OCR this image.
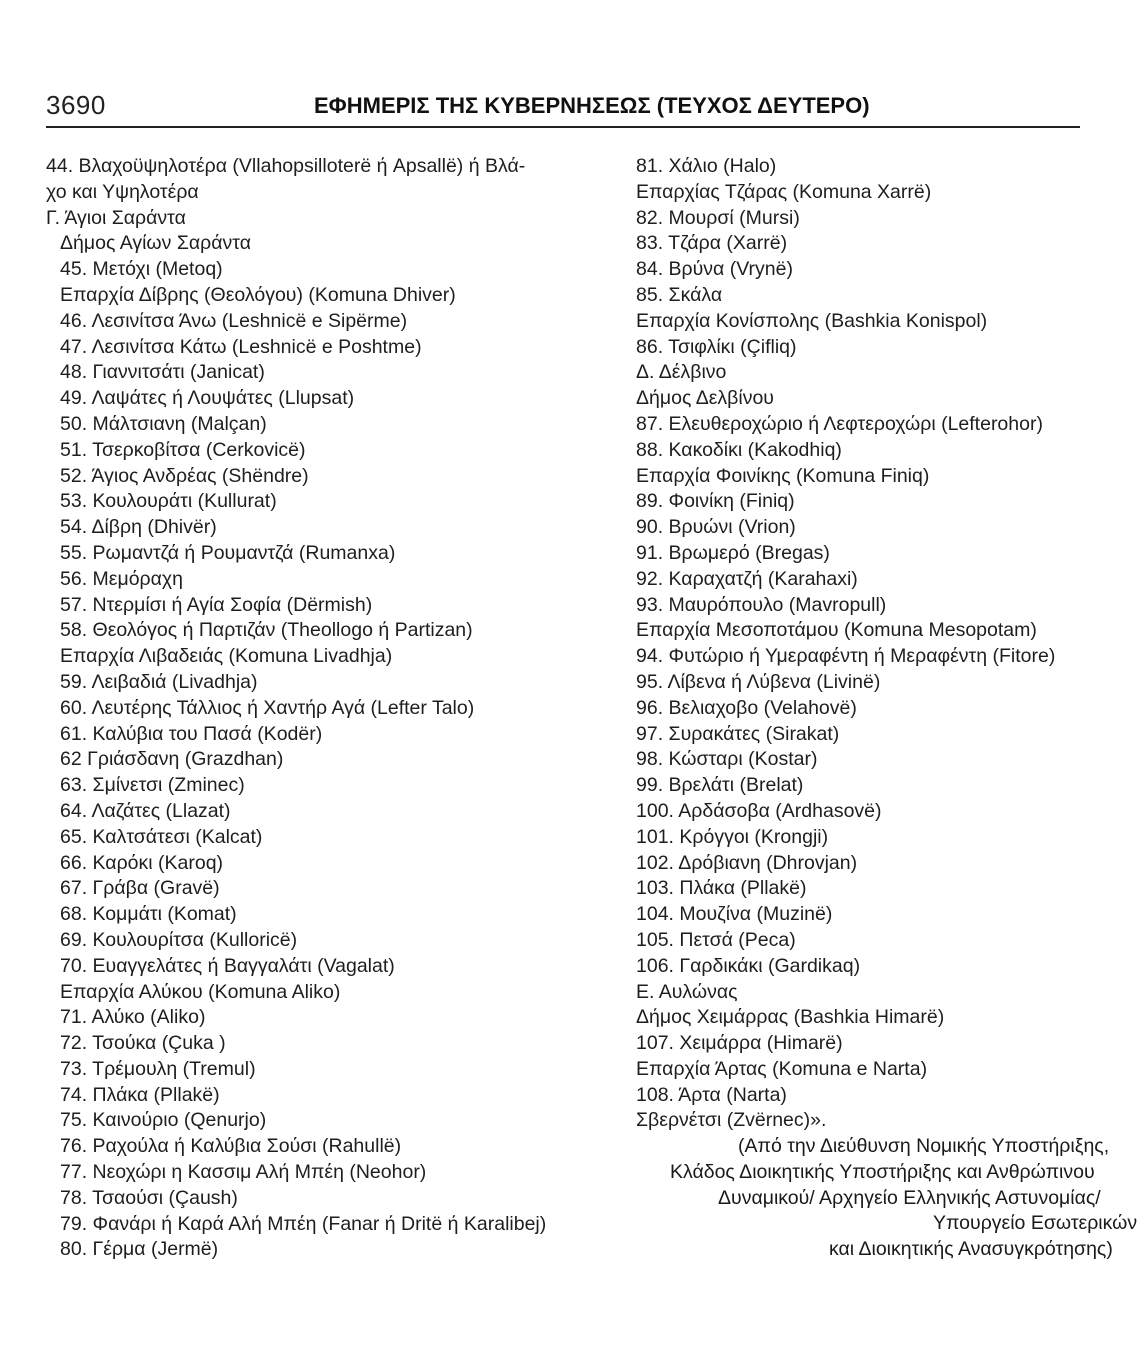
3690	ΕΦΗΜΕΡΙΣ ΤΗΣ ΚΥΒΕΡΝΗΣΕΩΣ (ΤΕΥΧΟΣ ΔΕΥΤΕΡΟ)
44. Βλαχοϋψηλοτέρα (Vllahopsilloterë ή Apsallë) ή Βλά-
χο και Υψηλοτέρα
Γ. Άγιοι Σαράντα
Δήμος Αγίων Σαράντα
45. Μετόχι (Metoq)
Επαρχία Δίβρης (Θεολόγου) (Komuna Dhiver)
46. Λεσινίτσα Άνω (Leshnicë e Sipërme)
47. Λεσινίτσα Κάτω (Leshnicë e Poshtme)
48. Γιαννιτσάτι (Janicat)
49. Λαψάτες ή Λουψάτες (Llupsat)
50. Μάλτσιανη (Malçan)
51. Τσερκοβίτσα (Cerkovicë)
52. Άγιος Ανδρέας (Shëndre)
53. Κουλουράτι (Kullurat)
54. Δίβρη (Dhivër)
55. Ρωμαντζά ή Ρουμαντζά (Rumanxa)
56. Μεμόραχη
57. Ντερμίσι ή Αγία Σοφία (Dërmish)
58. Θεολόγος ή Παρτιζάν (Theollogo ή Partizan)
Επαρχία Λιβαδειάς (Komuna Livadhja)
59. Λειβαδιά (Livadhja)
60. Λευτέρης Τάλλιος ή Χαντήρ Αγά (Lefter Talo)
61. Καλύβια του Πασά (Kodër)
62 Γριάσδανη (Grazdhan)
63. Σμίνετσι (Zminec)
64. Λαζάτες (Llazat)
65. Καλτσάτεσι (Kalcat)
66. Καρόκι (Karoq)
67. Γράβα (Gravë)
68. Κομμάτι (Komat)
69. Κουλουρίτσα (Kulloricë)
70. Ευαγγελάτες ή Βαγγαλάτι (Vagalat)
Επαρχία Αλύκου (Komuna Aliko)
71. Αλύκο (Aliko)
72. Τσούκα (Çuka )
73. Τρέμουλη (Tremul)
74. Πλάκα (Pllakë)
75. Καινούριο (Qenurjo)
76. Ραχούλα ή Καλύβια Σούσι (Rahullë)
77. Νεοχώρι η Κασσιμ Αλή Μπέη (Neohor)
78. Τσαούσι (Çaush)
79. Φανάρι ή Καρά Αλή Μπέη (Fanar ή Dritë ή Karalibej)
80. Γέρμα (Jermë)
81. Χάλιο (Halo)
Επαρχίας Τζάρας (Komuna Xarrë)
82. Μουρσί (Mursi)
83. Τζάρα (Xarrë)
84. Βρύνα (Vrynë)
85. Σκάλα
Επαρχία Κονίσπολης (Bashkia Konispol)
86. Τσιφλίκι (Çifliq)
Δ. Δέλβινο
Δήμος Δελβίνου
87. Ελευθεροχώριο ή Λεφτεροχώρι (Lefterohor)
88. Κακοδίκι (Kakodhiq)
Επαρχία Φοινίκης (Komuna Finiq)
89. Φοινίκη (Finiq)
90. Βρυώνι (Vrion)
91. Βρωμερό (Bregas)
92. Καραχατζή (Karahaxi)
93. Μαυρόπουλο (Mavropull)
Επαρχία Μεσοποτάμου (Komuna Mesopotam)
94. Φυτώριο ή Υμεραφέντη ή Μεραφέντη (Fitore)
95. Λίβενα ή Λύβενα (Livinë)
96. Βελιαχοβο (Velahovë)
97. Συρακάτες (Sirakat)
98. Κώσταρι (Kostar)
99. Βρελάτι (Brelat)
100. Αρδάσοβα (Ardhasovë)
101. Κρόγγοι (Krongji)
102. Δρόβιανη (Dhrovjan)
103. Πλάκα (Pllakë)
104. Μουζίνα (Muzinë)
105. Πετσά (Peca)
106. Γαρδικάκι (Gardikaq)
Ε. Αυλώνας
Δήμος Χειμάρρας (Bashkia Himarë)
107. Χειμάρρα (Himarë)
Επαρχία Άρτας (Komuna e Narta)
108. Άρτα (Narta)
Σβερνέτσι (Zvërnec)».
(Από την Διεύθυνση Νομικής Υποστήριξης,
Κλάδος Διοικητικής Υποστήριξης και Ανθρώπινου
Δυναμικού/ Αρχηγείο Ελληνικής Αστυνομίας/
Υπουργείο Εσωτερικών
και Διοικητικής Ανασυγκρότησης)
